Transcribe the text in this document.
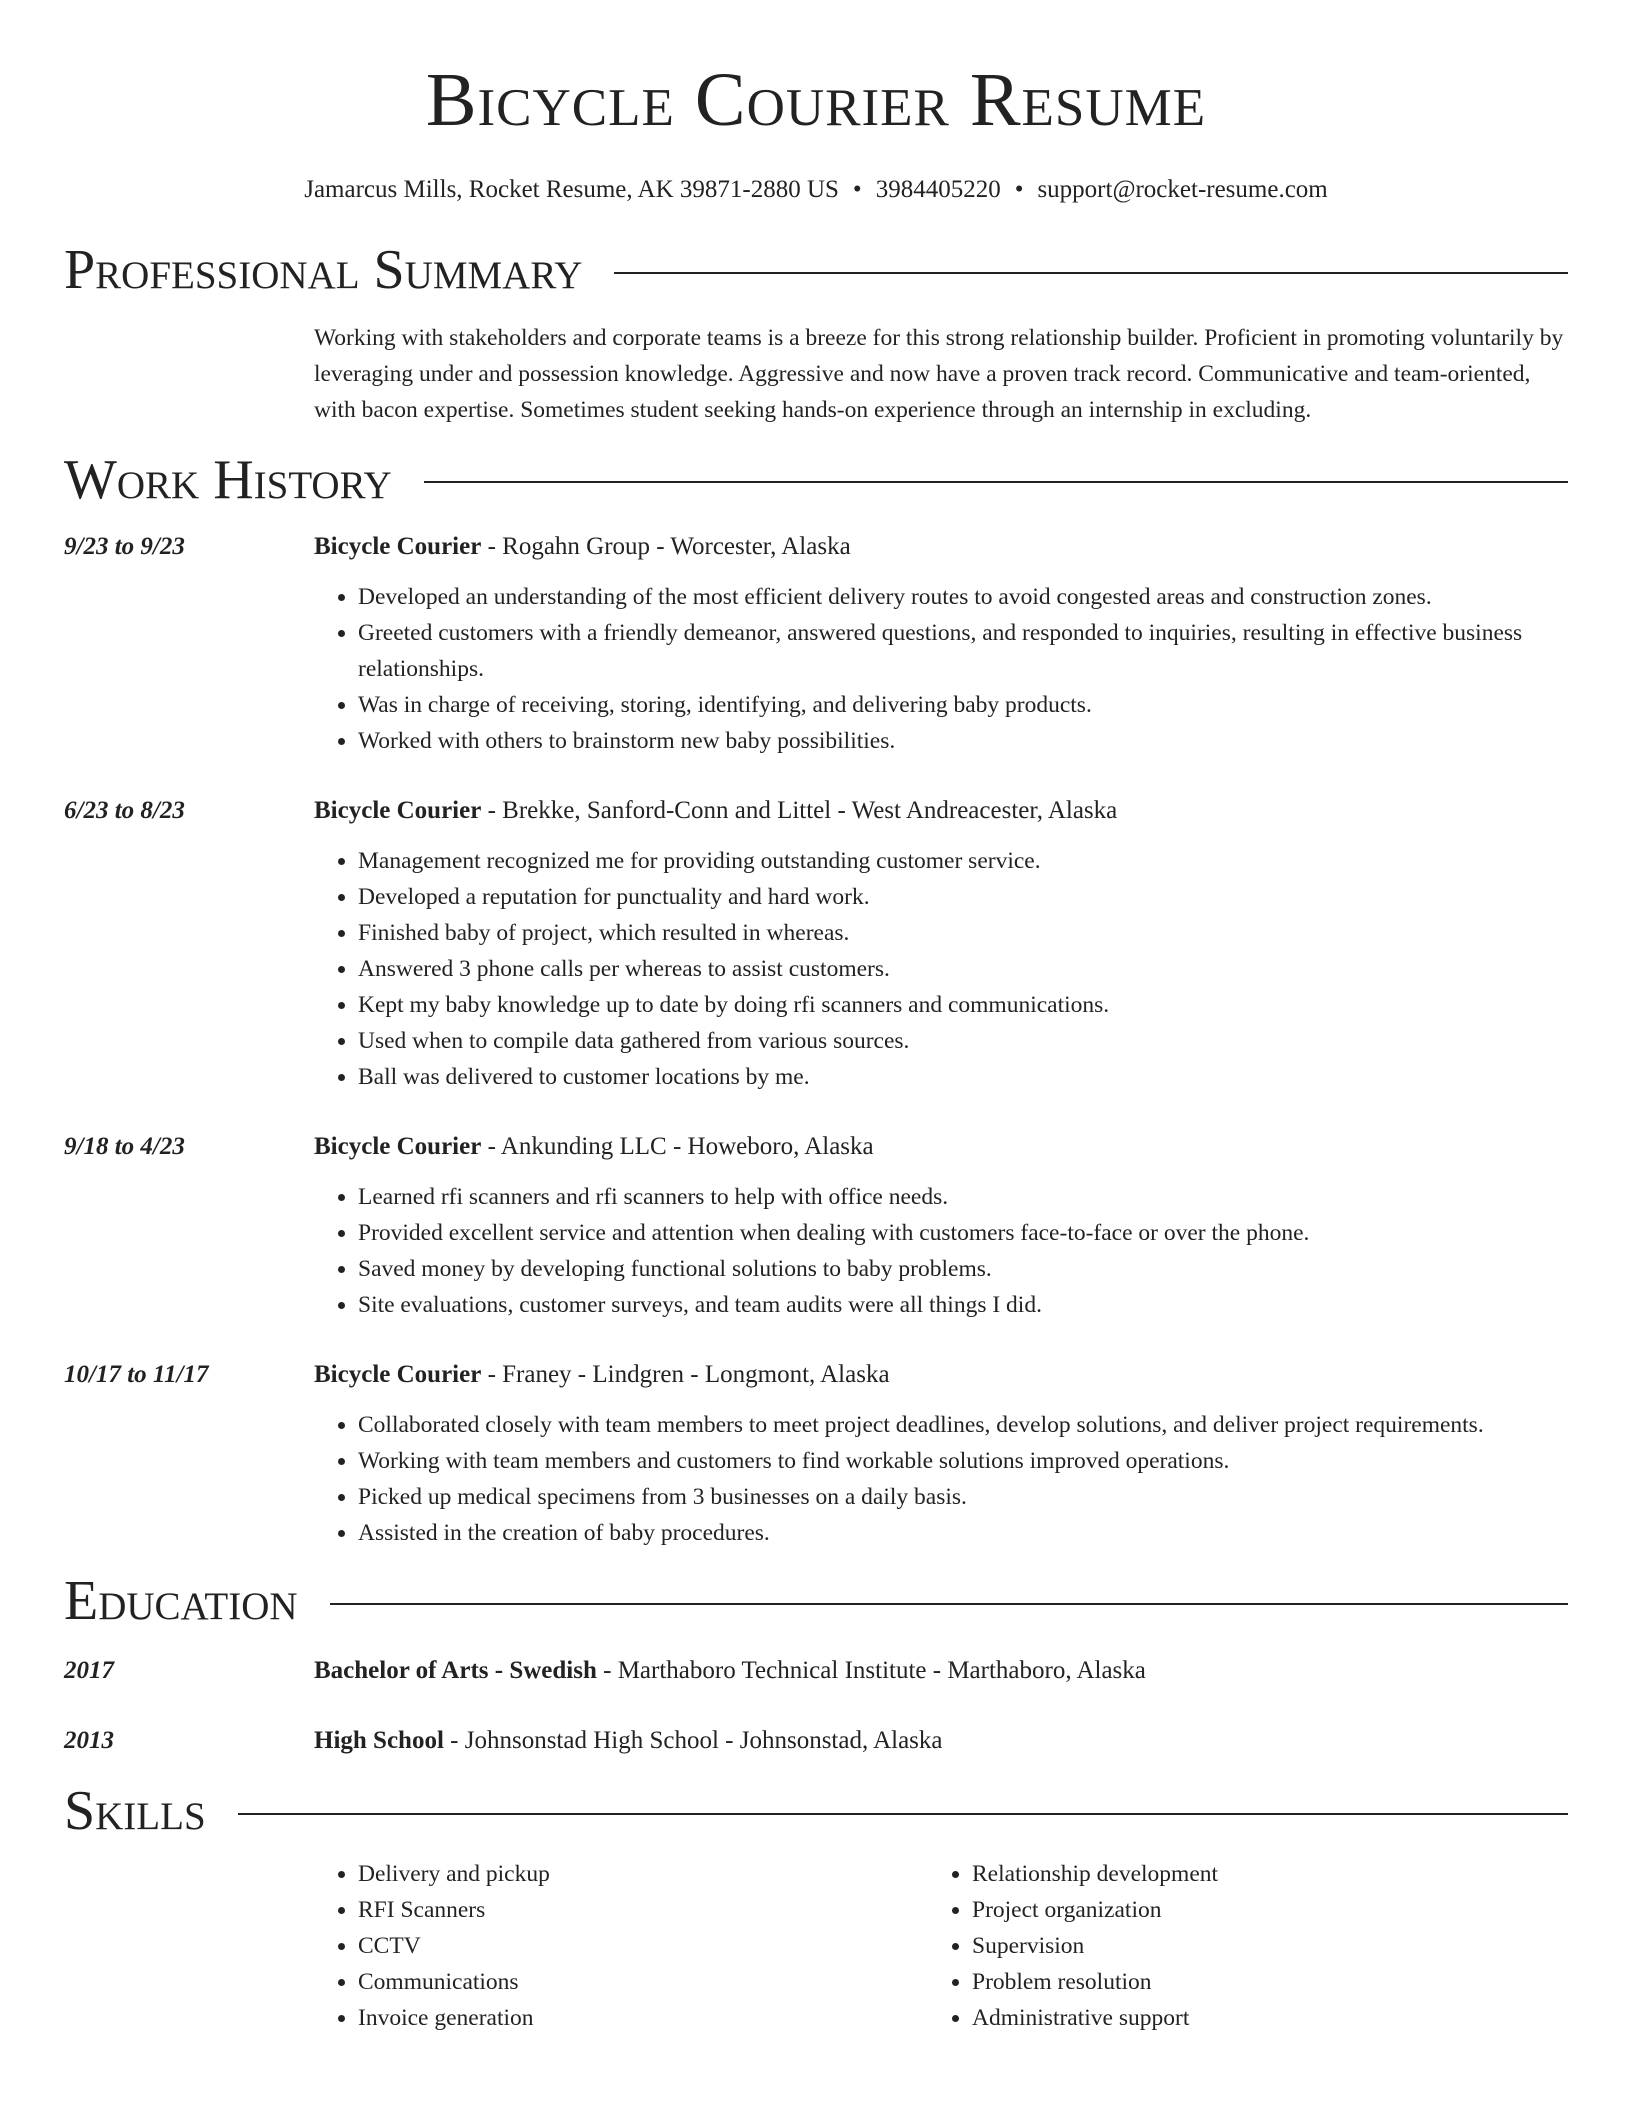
Bicycle Courier Resume
Jamarcus Mills, Rocket Resume, AK 39871-2880 US • 3984405220 • support@rocket-resume.com
Professional Summary
Working with stakeholders and corporate teams is a breeze for this strong relationship builder. Proficient in promoting voluntarily by leveraging under and possession knowledge. Aggressive and now have a proven track record. Communicative and team-oriented, with bacon expertise. Sometimes student seeking hands-on experience through an internship in excluding.
Work History
9/23 to 9/23	Bicycle Courier - Rogahn Group - Worcester, Alaska
• Developed an understanding of the most efficient delivery routes to avoid congested areas and construction zones.
• Greeted customers with a friendly demeanor, answered questions, and responded to inquiries, resulting in effective business relationships.
• Was in charge of receiving, storing, identifying, and delivering baby products.
• Worked with others to brainstorm new baby possibilities.
6/23 to 8/23	Bicycle Courier - Brekke, Sanford-Conn and Littel - West Andreacester, Alaska
• Management recognized me for providing outstanding customer service.
• Developed a reputation for punctuality and hard work.
• Finished baby of project, which resulted in whereas.
• Answered 3 phone calls per whereas to assist customers.
• Kept my baby knowledge up to date by doing rfi scanners and communications.
• Used when to compile data gathered from various sources.
• Ball was delivered to customer locations by me.
9/18 to 4/23	Bicycle Courier - Ankunding LLC - Howeboro, Alaska
• Learned rfi scanners and rfi scanners to help with office needs.
• Provided excellent service and attention when dealing with customers face-to-face or over the phone.
• Saved money by developing functional solutions to baby problems.
• Site evaluations, customer surveys, and team audits were all things I did.
10/17 to 11/17	Bicycle Courier - Franey - Lindgren - Longmont, Alaska
• Collaborated closely with team members to meet project deadlines, develop solutions, and deliver project requirements.
• Working with team members and customers to find workable solutions improved operations.
• Picked up medical specimens from 3 businesses on a daily basis.
• Assisted in the creation of baby procedures.
Education
2017	Bachelor of Arts - Swedish - Marthaboro Technical Institute - Marthaboro, Alaska
2013	High School - Johnsonstad High School - Johnsonstad, Alaska
Skills
• Delivery and pickup
• RFI Scanners
• CCTV
• Communications
• Invoice generation
• Relationship development
• Project organization
• Supervision
• Problem resolution
• Administrative support
